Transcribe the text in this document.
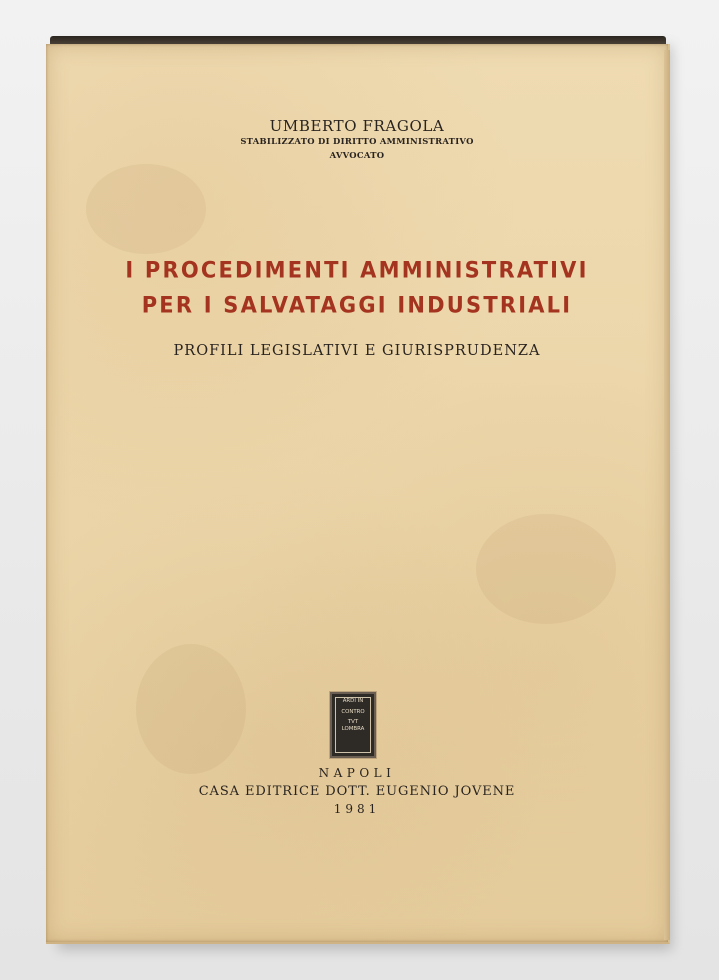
UMBERTO FRAGOLA
STABILIZZATO DI DIRITTO AMMINISTRATIVO
AVVOCATO
I PROCEDIMENTI AMMINISTRATIVI
PER I SALVATAGGI INDUSTRIALI
PROFILI LEGISLATIVI E GIURISPRUDENZA
ARDI IN
CONTRO
TVT
LOMBRA
NAPOLI
CASA EDITRICE DOTT. EUGENIO JOVENE
1981
